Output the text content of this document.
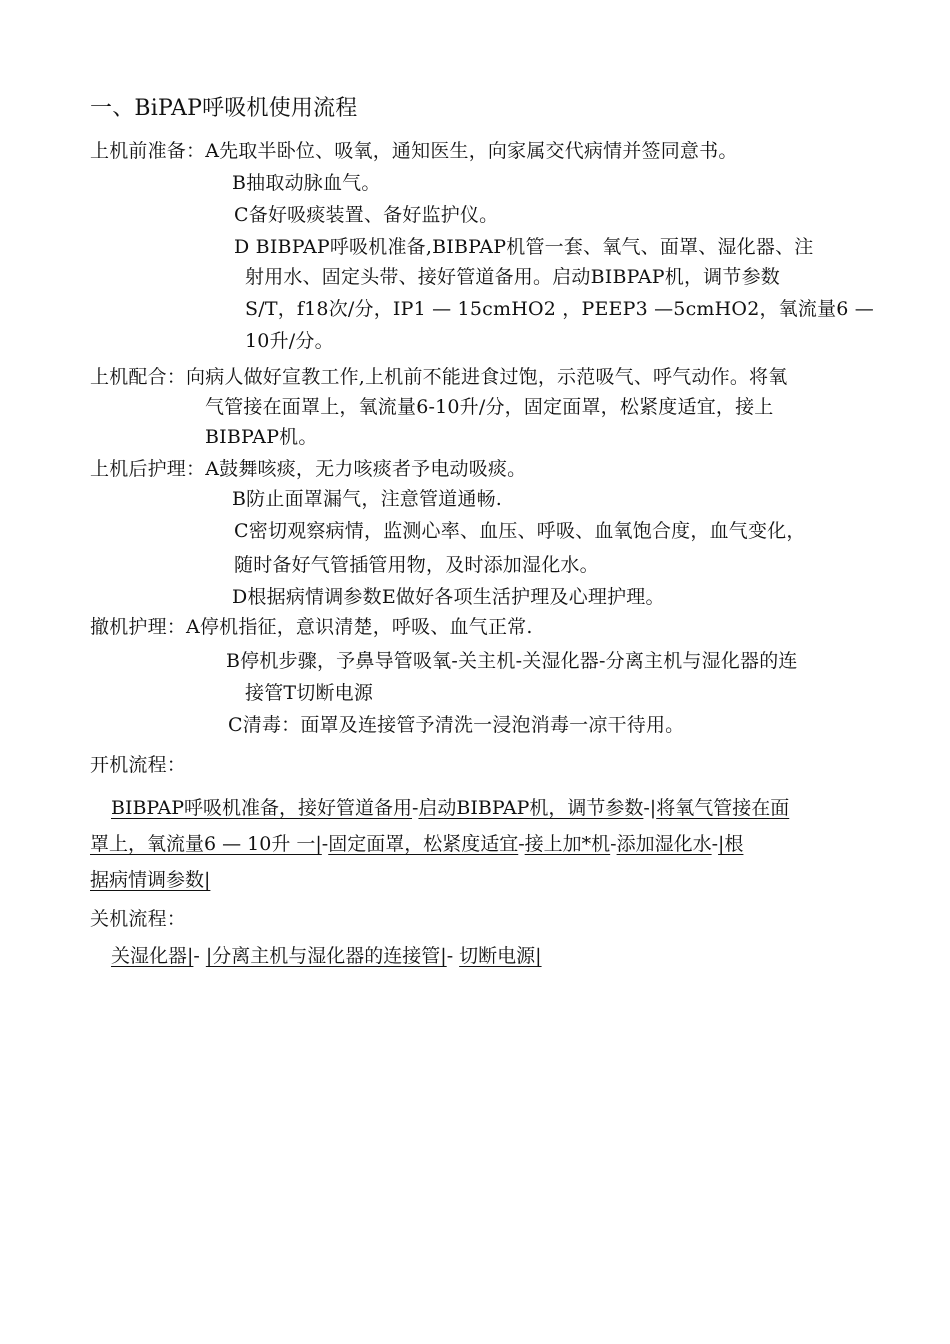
一、BiPAP呼吸机使用流程
上机前准备：A先取半卧位、吸氧，通知医生，向家属交代病情并签同意书。
B抽取动脉血气。
C备好吸痰装置、备好监护仪。
D BIBPAP呼吸机准备,BIBPAP机管一套、氧气、面罩、湿化器、注
射用水、固定头带、接好管道备用。启动BIBPAP机，调节参数
S/T，f18次/分，IP1 — 15cmHO2 ，PEEP3 —5cmHO2，氧流量6 —
10升/分。
上机配合：向病人做好宣教工作,上机前不能进食过饱，示范吸气、呼气动作。将氧
气管接在面罩上，氧流量6-10升/分，固定面罩，松紧度适宜，接上
BIBPAP机。
上机后护理：A鼓舞咳痰，无力咳痰者予电动吸痰。
B防止面罩漏气，注意管道通畅.
C密切观察病情，监测心率、血压、呼吸、血氧饱合度，血气变化，
随时备好气管插管用物，及时添加湿化水。
D根据病情调参数E做好各项生活护理及心理护理。
撤机护理：A停机指征，意识清楚，呼吸、血气正常.
B停机步骤，予鼻导管吸氧-关主机-关湿化器-分离主机与湿化器的连
接管T切断电源
C清毒：面罩及连接管予清洗一浸泡消毒一凉干待用。
开机流程：
BIBPAP呼吸机准备，接好管道备用-启动BIBPAP机，调节参数-|将氧气管接在面
罩上，氧流量6 — 10升 一|-固定面罩，松紧度适宜-接上加*机-添加湿化水-|根
据病情调参数|
关机流程：
关湿化器|- |分离主机与湿化器的连接管|- 切断电源|
